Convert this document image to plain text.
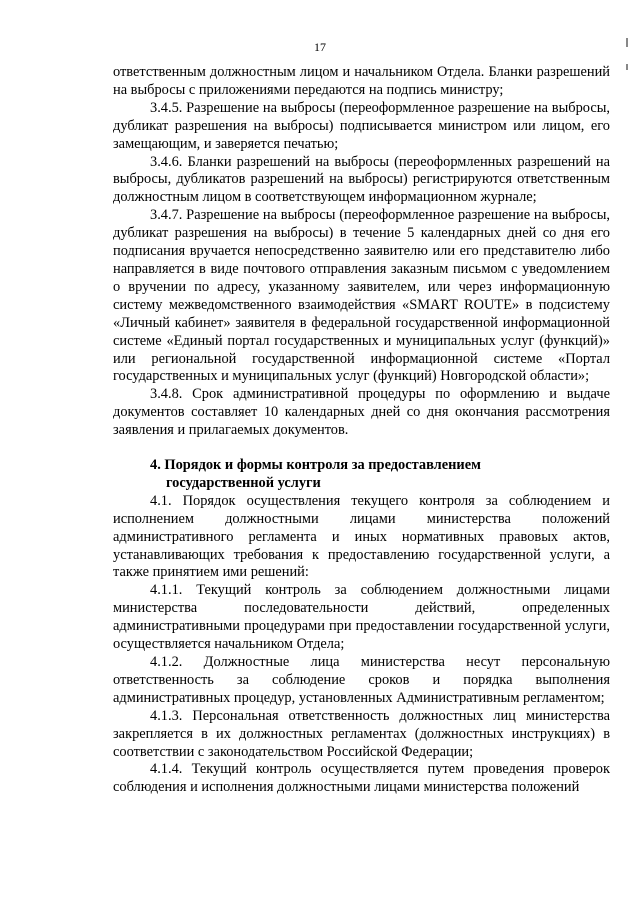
17

ответственным должностным лицом и начальником Отдела. Бланки разрешений на выбросы с приложениями передаются на подпись министру;

3.4.5. Разрешение на выбросы (переоформленное разрешение на выбросы, дубликат разрешения на выбросы) подписывается министром или лицом, его замещающим, и заверяется печатью;

3.4.6. Бланки разрешений на выбросы (переоформленных разрешений на выбросы, дубликатов разрешений на выбросы) регистрируются ответственным должностным лицом в соответствующем информационном журнале;

3.4.7. Разрешение на выбросы (переоформленное разрешение на выбросы, дубликат разрешения на выбросы) в течение 5 календарных дней со дня его подписания вручается непосредственно заявителю или его представителю либо направляется в виде почтового отправления заказным письмом с уведомлением о вручении по адресу, указанному заявителем, или через информационную систему межведомственного взаимодействия «SMART ROUTE» в подсистему «Личный кабинет» заявителя в федеральной государственной информационной системе «Единый портал государственных и муниципальных услуг (функций)» или региональной государственной информационной системе «Портал государственных и муниципальных услуг (функций) Новгородской области»;

3.4.8. Срок административной процедуры по оформлению и выдаче документов составляет 10 календарных дней со дня окончания рассмотрения заявления и прилагаемых документов.

4. Порядок и формы контроля за предоставлением
государственной услуги

4.1. Порядок осуществления текущего контроля за соблюдением и исполнением должностными лицами министерства положений административного регламента и иных нормативных правовых актов, устанавливающих требования к предоставлению государственной услуги, а также принятием ими решений:

4.1.1. Текущий контроль за соблюдением должностными лицами министерства последовательности действий, определенных административными процедурами при предоставлении государственной услуги, осуществляется начальником Отдела;

4.1.2. Должностные лица министерства несут персональную ответственность за соблюдение сроков и порядка выполнения административных процедур, установленных Административным регламентом;

4.1.3. Персональная ответственность должностных лиц министерства закрепляется в их должностных регламентах (должностных инструкциях) в соответствии с законодательством Российской Федерации;

4.1.4. Текущий контроль осуществляется путем проведения проверок соблюдения и исполнения должностными лицами министерства положений
